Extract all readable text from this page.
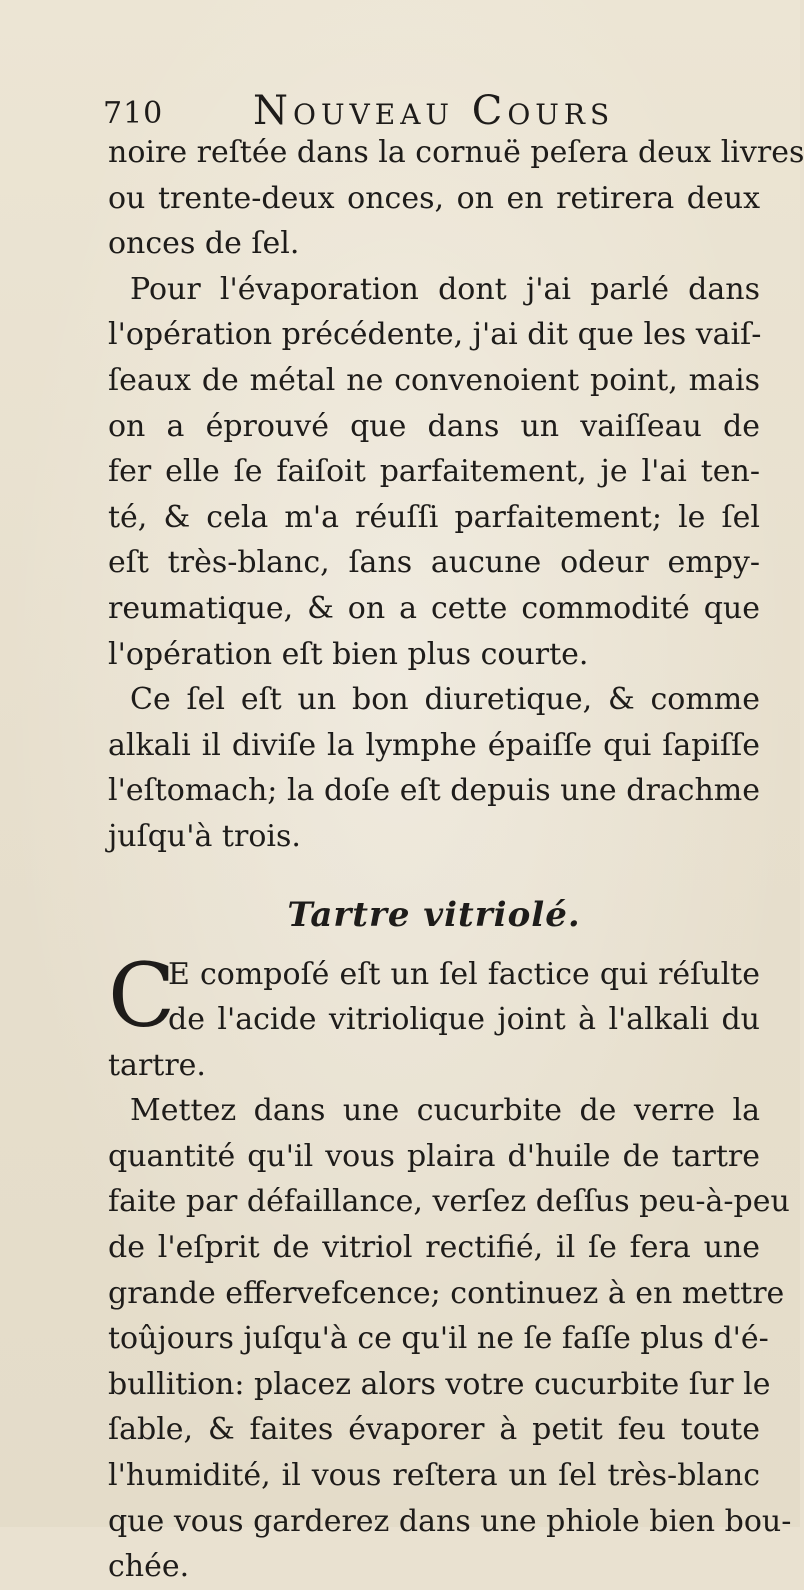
710 Nouveau Cours
noire reſtée dans la cornuë peſera deux livres
ou trente-deux onces, on en retirera deux
onces de ſel.
Pour l'évaporation dont j'ai parlé dans
l'opération précédente, j'ai dit que les vaiſ-
ſeaux de métal ne convenoient point, mais
on a éprouvé que dans un vaiſſeau de
fer elle ſe faiſoit parfaitement, je l'ai ten-
té, & cela m'a réuſſi parfaitement; le ſel
eſt très-blanc, ſans aucune odeur empy-
reumatique, & on a cette commodité que
l'opération eſt bien plus courte.
Ce ſel eſt un bon diuretique, & comme
alkali il diviſe la lymphe épaiſſe qui ſapiſſe
l'eſtomach; la doſe eſt depuis une drachme
juſqu'à trois.
Tartre vitriolé.
C
E compoſé eſt un ſel factice qui réſulte
de l'acide vitriolique joint à l'alkali du
tartre.
Mettez dans une cucurbite de verre la
quantité qu'il vous plaira d'huile de tartre
faite par défaillance, verſez deſſus peu-à-peu
de l'eſprit de vitriol rectifié, il ſe fera une
grande effervefcence; continuez à en mettre
toûjours juſqu'à ce qu'il ne ſe faſſe plus d'é-
bullition: placez alors votre cucurbite ſur le
ſable, & faites évaporer à petit feu toute
l'humidité, il vous reſtera un ſel très-blanc
que vous garderez dans une phiole bien bou-
chée.
